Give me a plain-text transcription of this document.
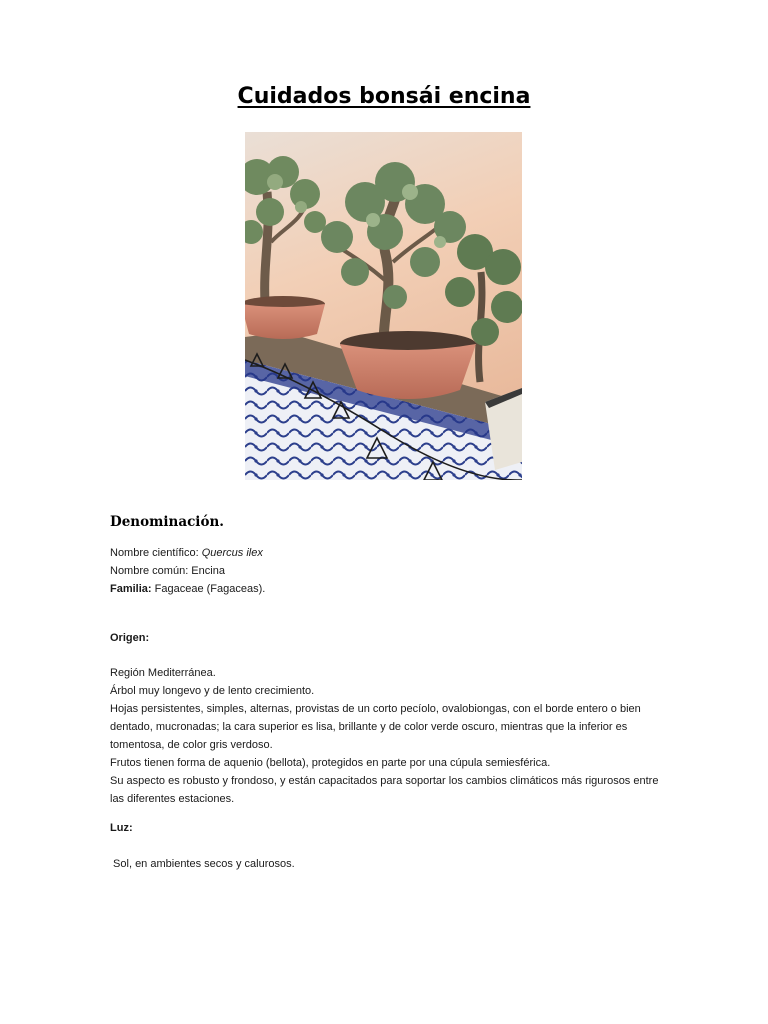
Cuidados bonsái encina
Denominación.

Nombre científico: Quercus ilex

Nombre común: Encina

Familia: Fagaceae (Fagaceas).

Origen:

Región Mediterránea.

Árbol muy longevo y de lento crecimiento.

Hojas persistentes, simples, alternas, provistas de un corto pecíolo, ovalobiongas, con el borde entero o bien dentado, mucronadas; la cara superior es lisa, brillante y de color verde oscuro, mientras que la inferior es tomentosa, de color gris verdoso.

Frutos tienen forma de aquenio (bellota), protegidos en parte por una cúpula semiesférica.

Su aspecto es robusto y frondoso, y están capacitados para soportar los cambios climáticos más rigurosos entre las diferentes estaciones.

Luz:
Sol, en ambientes secos y calurosos.
